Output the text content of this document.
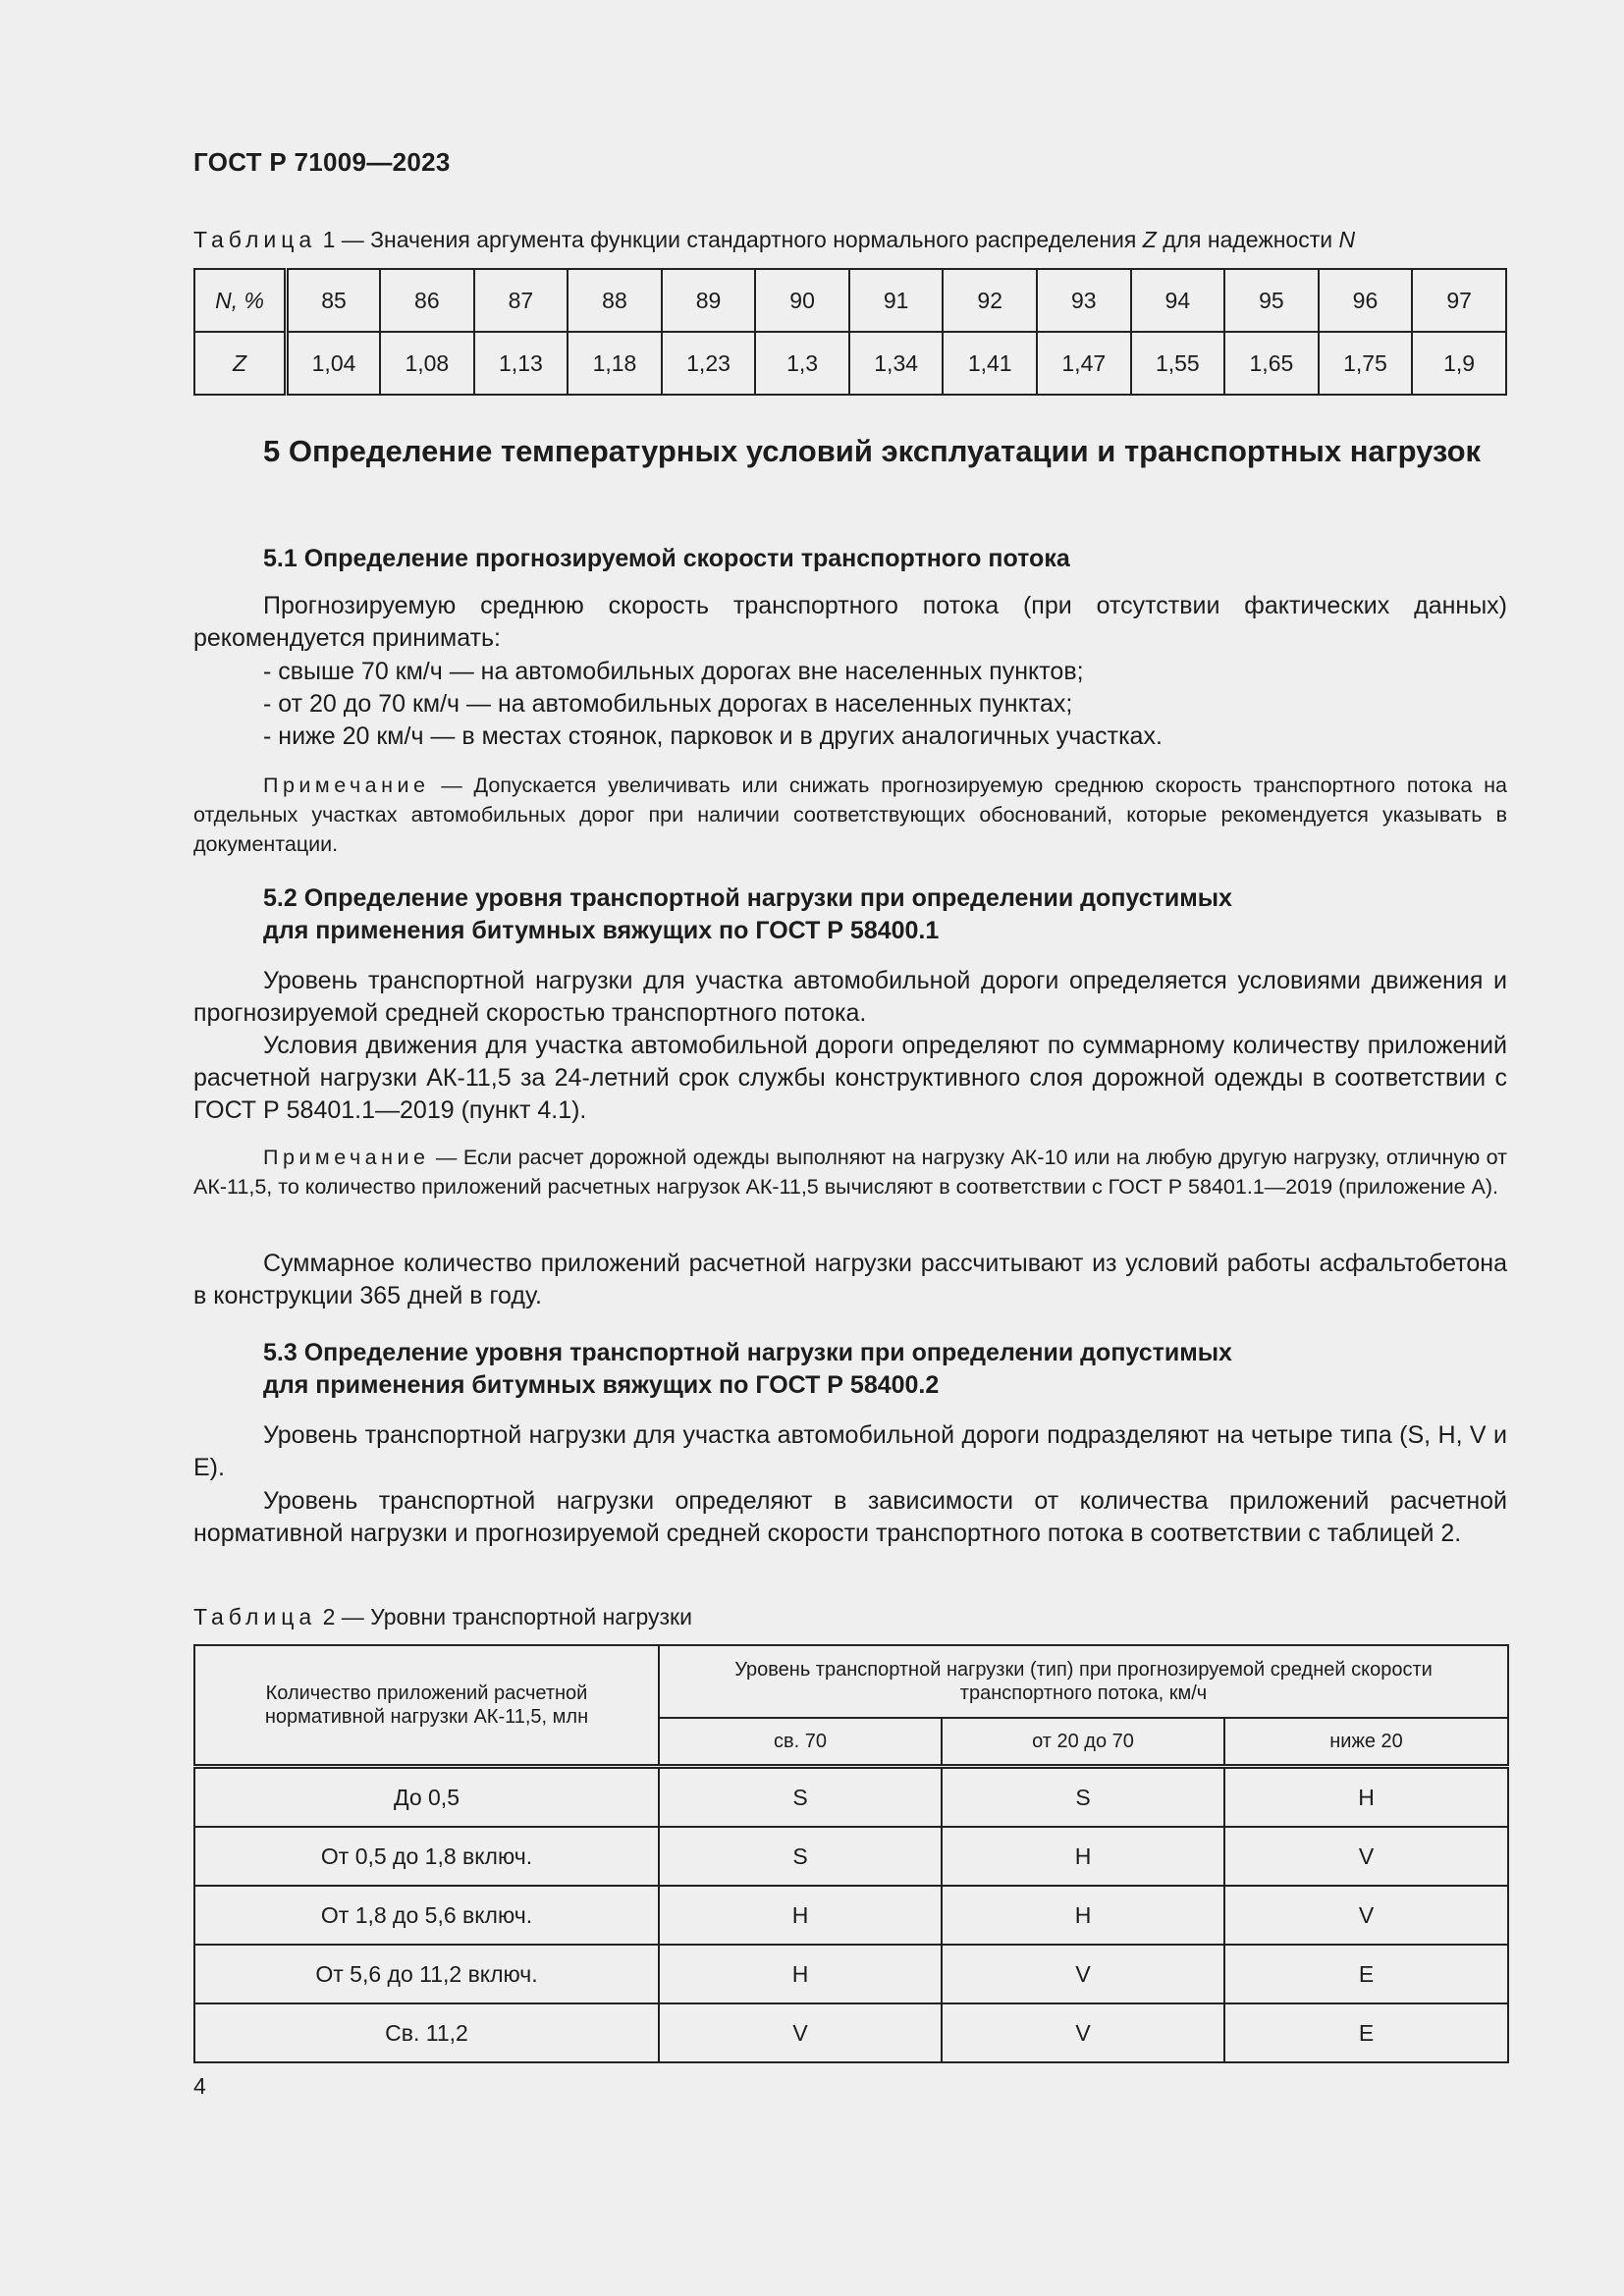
ГОСТ Р 71009—2023
Таблица 1 — Значения аргумента функции стандартного нормального распределения Z для надежности N
N, %	85	86	87	88	89	90	91	92	93	94	95	96	97
Z	1,04	1,08	1,13	1,18	1,23	1,3	1,34	1,41	1,47	1,55	1,65	1,75	1,9
5 Определение температурных условий эксплуатации и транспортных нагрузок
5.1 Определение прогнозируемой скорости транспортного потока
Прогнозируемую среднюю скорость транспортного потока (при отсутствии фактических данных) рекомендуется принимать:
- свыше 70 км/ч — на автомобильных дорогах вне населенных пунктов;
- от 20 до 70 км/ч — на автомобильных дорогах в населенных пунктах;
- ниже 20 км/ч — в местах стоянок, парковок и в других аналогичных участках.
Примечание — Допускается увеличивать или снижать прогнозируемую среднюю скорость транспортного потока на отдельных участках автомобильных дорог при наличии соответствующих обоснований, которые рекомендуется указывать в документации.
5.2 Определение уровня транспортной нагрузки при определении допустимых
для применения битумных вяжущих по ГОСТ Р 58400.1
Уровень транспортной нагрузки для участка автомобильной дороги определяется условиями движения и прогнозируемой средней скоростью транспортного потока.
Условия движения для участка автомобильной дороги определяют по суммарному количеству приложений расчетной нагрузки АК-11,5 за 24-летний срок службы конструктивного слоя дорожной одежды в соответствии с ГОСТ Р 58401.1—2019 (пункт 4.1).
Примечание — Если расчет дорожной одежды выполняют на нагрузку АК-10 или на любую другую нагрузку, отличную от АК-11,5, то количество приложений расчетных нагрузок АК-11,5 вычисляют в соответствии с ГОСТ Р 58401.1—2019 (приложение А).
Суммарное количество приложений расчетной нагрузки рассчитывают из условий работы асфальтобетона в конструкции 365 дней в году.
5.3 Определение уровня транспортной нагрузки при определении допустимых
для применения битумных вяжущих по ГОСТ Р 58400.2
Уровень транспортной нагрузки для участка автомобильной дороги подразделяют на четыре типа (S, H, V и E).
Уровень транспортной нагрузки определяют в зависимости от количества приложений расчетной нормативной нагрузки и прогнозируемой средней скорости транспортного потока в соответствии с таблицей 2.
Таблица 2 — Уровни транспортной нагрузки
Количество приложений расчетной нормативной нагрузки АК-11,5, млн	Уровень транспортной нагрузки (тип) при прогнозируемой средней скорости транспортного потока, км/ч		
	св. 70	от 20 до 70	ниже 20
До 0,5	S	S	H
От 0,5 до 1,8 включ.	S	H	V
От 1,8 до 5,6 включ.	H	H	V
От 5,6 до 11,2 включ.	H	V	E
Св. 11,2	V	V	E
4
